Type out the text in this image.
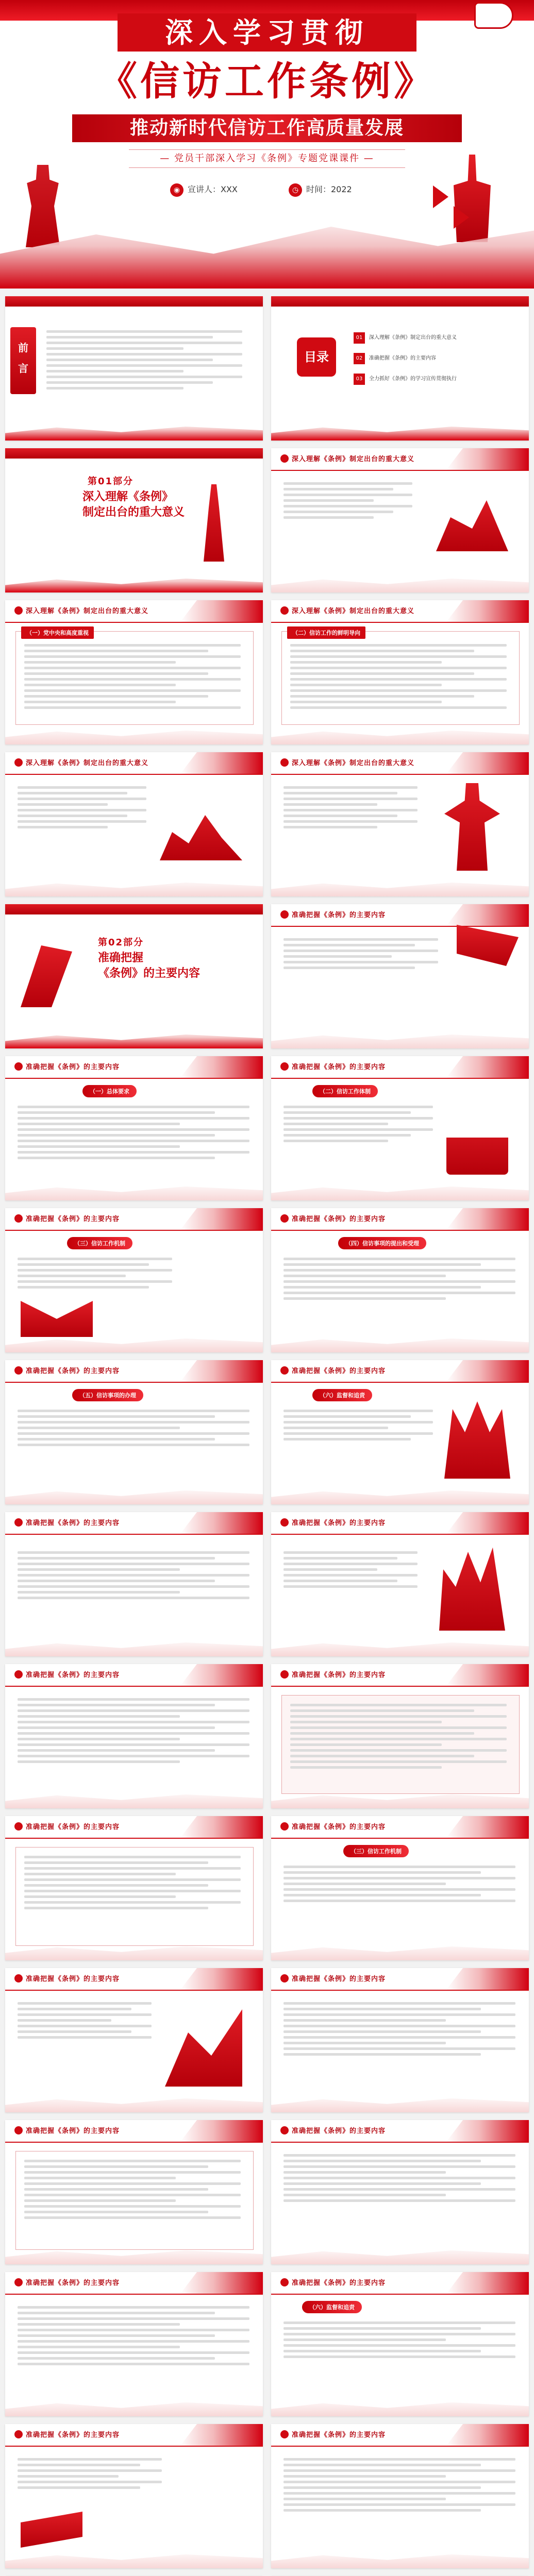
深入学习贯彻
《信访工作条例》
推动新时代信访工作高质量发展
— 党员干部深入学习《条例》专题党课课件 —
◉ 宣讲人：XXX	◷ 时间：2022
前言
目录
01 深入理解《条例》制定出台的重大意义
02 准确把握《条例》的主要内容
03 全力抓好《条例》的学习宣传贯彻执行
第01部分
深入理解《条例》
制定出台的重大意义
深入理解《条例》制定出台的重大意义
深入理解《条例》制定出台的重大意义
（一）党中央和高度重视
深入理解《条例》制定出台的重大意义
（二）信访工作的鲜明导向
深入理解《条例》制定出台的重大意义	深入理解《条例》制定出台的重大意义
第02部分
准确把握
《条例》的主要内容
准确把握《条例》的主要内容
准确把握《条例》的主要内容
（一）总体要求
准确把握《条例》的主要内容
（二）信访工作体制
准确把握《条例》的主要内容
（三）信访工作机制
准确把握《条例》的主要内容
（四）信访事项的提出和受理
准确把握《条例》的主要内容
（五）信访事项的办理
准确把握《条例》的主要内容
（六）监督和追责
准确把握《条例》的主要内容	准确把握《条例》的主要内容
准确把握《条例》的主要内容	准确把握《条例》的主要内容
准确把握《条例》的主要内容	准确把握《条例》的主要内容
（三）信访工作机制
准确把握《条例》的主要内容	准确把握《条例》的主要内容
准确把握《条例》的主要内容	准确把握《条例》的主要内容
准确把握《条例》的主要内容	准确把握《条例》的主要内容
（六）监督和追责
准确把握《条例》的主要内容	准确把握《条例》的主要内容
